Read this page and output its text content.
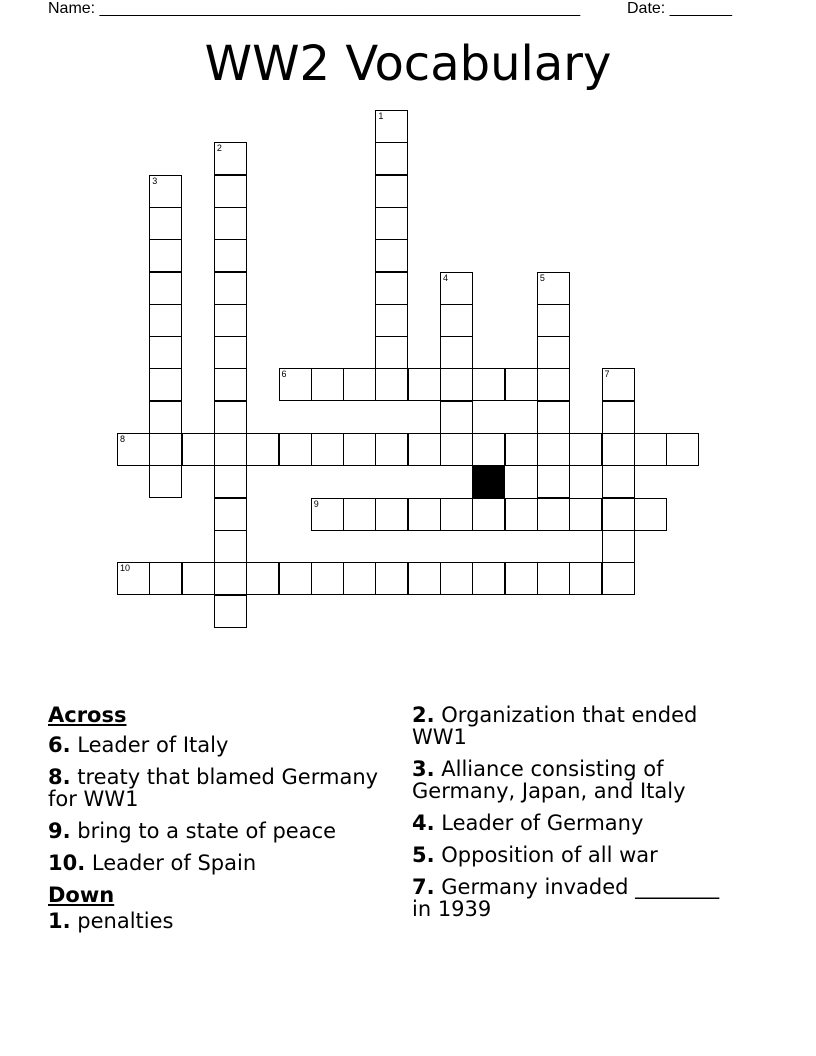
Name: ______________________________________________________	Date: _______
WW2 Vocabulary
1
2
3
4	5
6	7
8
9
10
Across
6. Leader of Italy
8. treaty that blamed Germany for WW1
9. bring to a state of peace
10. Leader of Spain
Down
1. penalties
2. Organization that ended WW1
3. Alliance consisting of Germany, Japan, and Italy
4. Leader of Germany
5. Opposition of all war
7. Germany invaded ________ in 1939
